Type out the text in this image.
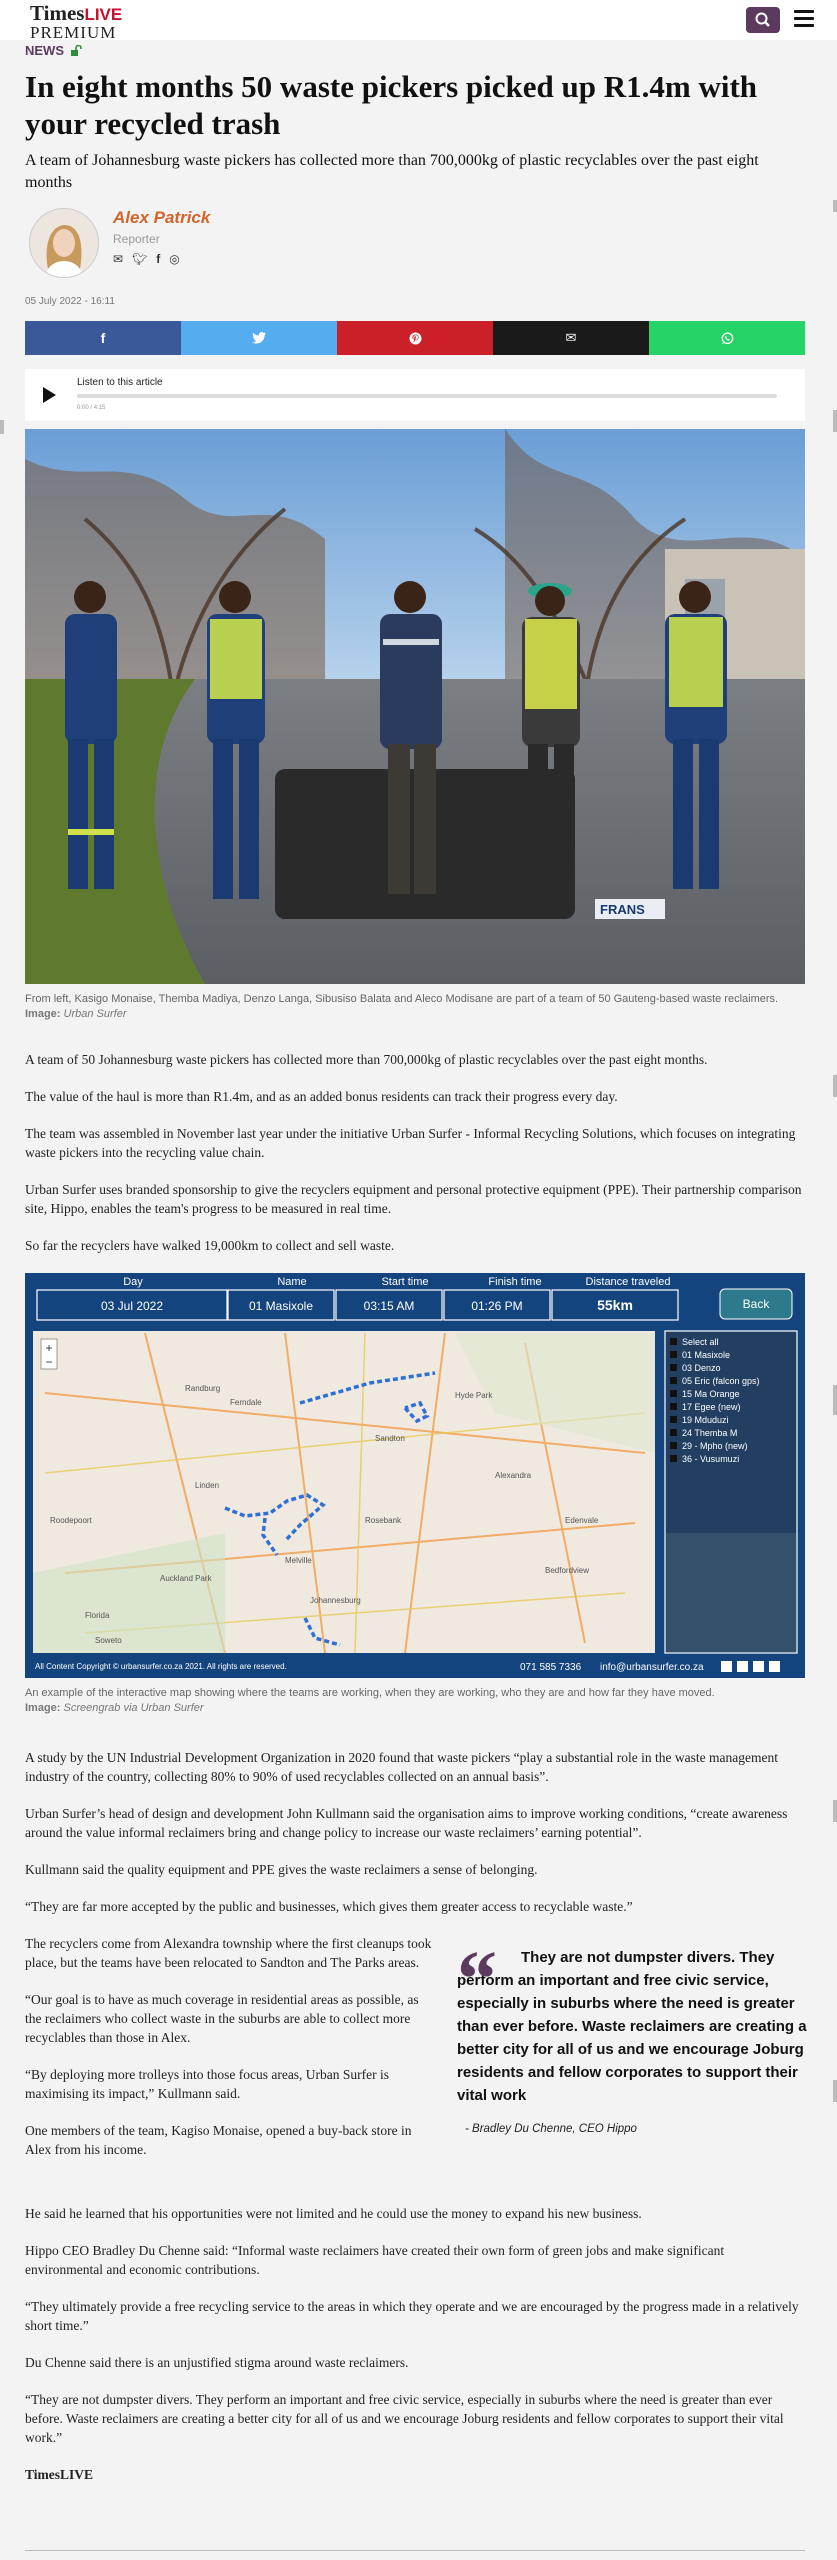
TimesLIVE
PREMIUM
NEWS
In eight months 50 waste pickers picked up R1.4m with your recycled trash

A team of Johannesburg waste pickers has collected more than 700,000kg of plastic recyclables over the past eight months

Alex Patrick
Reporter
✉🐦︎f◎
05 July 2022 - 16:11
f	✉
Listen to this article
0:00 / 4:15
FRANS
From left, Kasigo Monaise, Themba Madiya, Denzo Langa, Sibusiso Balata and Aleco Modisane are part of a team of 50 Gauteng-based waste reclaimers.
Image: Urban Surfer

A team of 50 Johannesburg waste pickers has collected more than 700,000kg of plastic recyclables over the past eight months.

The value of the haul is more than R1.4m, and as an added bonus residents can track their progress every day.

The team was assembled in November last year under the initiative Urban Surfer - Informal Recycling Solutions, which focuses on integrating waste pickers into the recycling value chain.

Urban Surfer uses branded sponsorship to give the recyclers equipment and personal protective equipment (PPE). Their partnership comparison site, Hippo, enables the team's progress to be measured in real time.

So far the recyclers have walked 19,000km to collect and sell waste.

Day	Name	Start time	Finish time	Distance traveled
03 Jul 2022	01 Masixole	03:15 AM	01:26 PM	55km	Back
Randburg
Ferndale
Sandton
Hyde Park
Linden
Rosebank
Melville
Auckland Park
Johannesburg
Alexandra
Edenvale
Bedfordview
Soweto
Roodepoort
Florida
+
−
Select all
01 Masixole
03 Denzo
05 Eric (falcon gps)
15 Ma Orange
17 Egee (new)
19 Mduduzi
24 Themba M
29 - Mpho (new)
36 - Vusumuzi
All Content Copyright © urbansurfer.co.za 2021. All rights are reserved.	071 585 7336 info@urbansurfer.co.za
An example of the interactive map showing where the teams are working, when they are working, who they are and how far they have moved.
Image: Screengrab via Urban Surfer

A study by the UN Industrial Development Organization in 2020 found that waste pickers “play a substantial role in the waste management industry of the country, collecting 80% to 90% of used recyclables collected on an annual basis”.

Urban Surfer’s head of design and development John Kullmann said the organisation aims to improve working conditions, “create awareness around the value informal reclaimers bring and change policy to increase our waste reclaimers’ earning potential”.

Kullmann said the quality equipment and PPE gives the waste reclaimers a sense of belonging.

“They are far more accepted by the public and businesses, which gives them greater access to recyclable waste.”

The recyclers come from Alexandra township where the first cleanups took place, but the teams have been relocated to Sandton and The Parks areas.

“Our goal is to have as much coverage in residential areas as possible, as the reclaimers who collect waste in the suburbs are able to collect more recyclables than those in Alex.

“By deploying more trolleys into those focus areas, Urban Surfer is maximising its impact,” Kullmann said.

One members of the team, Kagiso Monaise, opened a buy-back store in Alex from his income.

“	They are not dumpster divers. They perform an important and free civic service, especially in suburbs where the need is greater than ever before. Waste reclaimers are creating a better city for all of us and we encourage Joburg residents and fellow corporates to support their vital work

- Bradley Du Chenne, CEO Hippo

He said he learned that his opportunities were not limited and he could use the money to expand his new business.

Hippo CEO Bradley Du Chenne said: “Informal waste reclaimers have created their own form of green jobs and make significant environmental and economic contributions.

“They ultimately provide a free recycling service to the areas in which they operate and we are encouraged by the progress made in a relatively short time.”

Du Chenne said there is an unjustified stigma around waste reclaimers.

“They are not dumpster divers. They perform an important and free civic service, especially in suburbs where the need is greater than ever before. Waste reclaimers are creating a better city for all of us and we encourage Joburg residents and fellow corporates to support their vital work.”

TimesLIVE
